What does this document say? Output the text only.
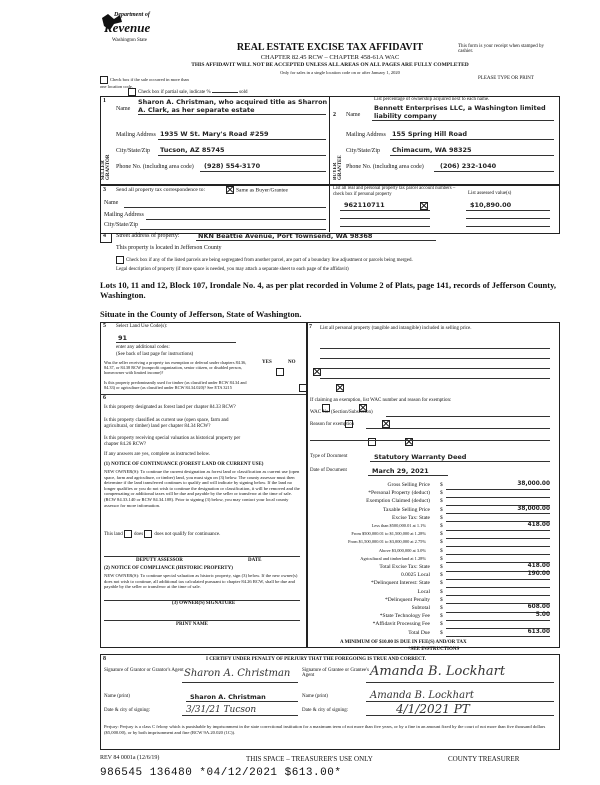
Department of
Revenue
Washington State
REAL ESTATE EXCISE TAX AFFIDAVIT
CHAPTER 82.45 RCW – CHAPTER 458-61A WAC
THIS AFFIDAVIT WILL NOT BE ACCEPTED UNLESS ALL AREAS ON ALL PAGES ARE FULLY COMPLETED
Only for sales in a single location code on or after January 1, 2020
This form is your receipt when stamped by cashier.
PLEASE TYPE OR PRINT
Check box if the sale occurred in more than one location code.
Check box if partial sale, indicate %	sold
1
SELLER GRANTOR
Name
Sharon A. Christman, who acquired title as Sharron A. Clark, as her separate estate
Mailing Address 1935 W St. Mary's Road #259
City/State/Zip Tucson, AZ 85745
Phone No. (including area code) (928) 554-3170
List percentage of ownership acquired next to each name.
2
BUYER GRANTEE
Name
Bennett Enterprises LLC, a Washington limited liability company
Mailing Address 155 Spring Hill Road
City/State/Zip Chimacum, WA 98325
Phone No. (including area code) (206) 232-1040
3 Send all property tax correspondence to:	Same as Buyer/Grantee
Name
Mailing Address
City/State/Zip
List all real and personal property tax parcel account numbers – check box if personal property	List assessed value(s)
962110711
	$10,890.00
4 Street address of property:	NKN Beattie Avenue, Port Townsend, WA 98368
This property is located in Jefferson County
Check box if any of the listed parcels are being segregated from another parcel, are part of a boundary line adjustment or parcels being merged.
Legal description of property (if more space is needed, you may attach a separate sheet to each page of the affidavit)
Lots 10, 11 and 12, Block 107, Irondale No. 4, as per plat recorded in Volume 2 of Plats, page 141, records of Jefferson County, Washington.
Situate in the County of Jefferson, State of Washington.
5 Select Land Use Code(s):
91
enter any additional codes:
(See back of last page for instructions)
YES	NO
Was the seller receiving a property tax exemption or deferral under chapters 84.36, 84.37, or 84.38 RCW (nonprofit organization, senior citizen, or disabled person, homeowner with limited income)?

Is this property predominantly used for timber (as classified under RCW 84.34 and 84.33) or agriculture (as classified under RCW 84.34.020)? See ETA 3215

6
Is this property designated as forest land per chapter 84.33 RCW?

Is this property classified as current use (open space, farm and agricultural, or timber) land per chapter 84.34 RCW?

Is this property receiving special valuation as historical property per chapter 84.26 RCW?

If any answers are yes, complete as instructed below.
(1) NOTICE OF CONTINUANCE (FOREST LAND OR CURRENT USE)
NEW OWNER(S): To continue the current designation as forest land or classification as current use (open space, farm and agriculture, or timber) land, you must sign on (3) below. The county assessor must then determine if the land transferred continues to qualify and will indicate by signing below. If the land no longer qualifies or you do not wish to continue the designation or classification, it will be removed and the compensating or additional taxes will be due and payable by the seller or transferor at the time of sale. (RCW 84.33.140 or RCW 84.34.108). Prior to signing (3) below, you may contact your local county assessor for more information.
This land does does not qualify for continuance.
DEPUTY ASSESSOR	DATE
(2) NOTICE OF COMPLIANCE (HISTORIC PROPERTY)
NEW OWNER(S): To continue special valuation as historic property, sign (3) below. If the new owner(s) does not wish to continue, all additional tax calculated pursuant to chapter 84.26 RCW, shall be due and payable by the seller or transferor at the time of sale.
(3) OWNER(S) SIGNATURE
PRINT NAME
7 List all personal property (tangible and intangible) included in selling price.
If claiming an exemption, list WAC number and reason for exemption:
WAC No. (Section/Subsection)
Reason for exemption
Type of Document	Statutory Warranty Deed
Date of Document	March 29, 2021
Gross Selling Price $	38,000.00
*Personal Property (deduct) $
Exemption Claimed (deduct) $
Taxable Selling Price $	38,000.00
Excise Tax: State $
Less than $500,000.01 at 1.1%	$	418.00
From $500,000.01 to $1,500,000 at 1.28%	$
From $1,500,000.01 to $3,000,000 at 2.75%	$
Above $3,000,000 at 3.0%	$
Agricultural and timberland at 1.28%	$
Total Excise Tax: State $	418.00
0.0025 Local $	190.00
*Delinquent Interest: State $
Local $
*Delinquent Penalty $
Subtotal $	608.00
*State Technology Fee $	5.00
*Affidavit Processing Fee $
Total Due $	613.00
A MINIMUM OF $10.00 IS DUE IN FEE(S) AND/OR TAX
*SEE INSTRUCTIONS
8	I CERTIFY UNDER PENALTY OF PERJURY THAT THE FOREGOING IS TRUE AND CORRECT.
Signature of Grantor or Grantor's Agent Sharon A. Christman Signature of Grantee or Grantee's Agent	Amanda B. Lockhart
Name (print)	Sharon A. Christman	Name (print)	Amanda B. Lockhart
Date & city of signing:	3/31/21 Tucson	Date & city of signing:	4/1/2021 PT
Perjury: Perjury is a class C felony which is punishable by imprisonment in the state correctional institution for a maximum term of not more than five years, or by a fine in an amount fixed by the court of not more than five thousand dollars ($5,000.00), or by both imprisonment and fine (RCW 9A.20.020 (1C)).
REV 84 0001a (12/6/19)	THIS SPACE – TREASURER'S USE ONLY	COUNTY TREASURER
986545 136480 *04/12/2021 $613.00*
